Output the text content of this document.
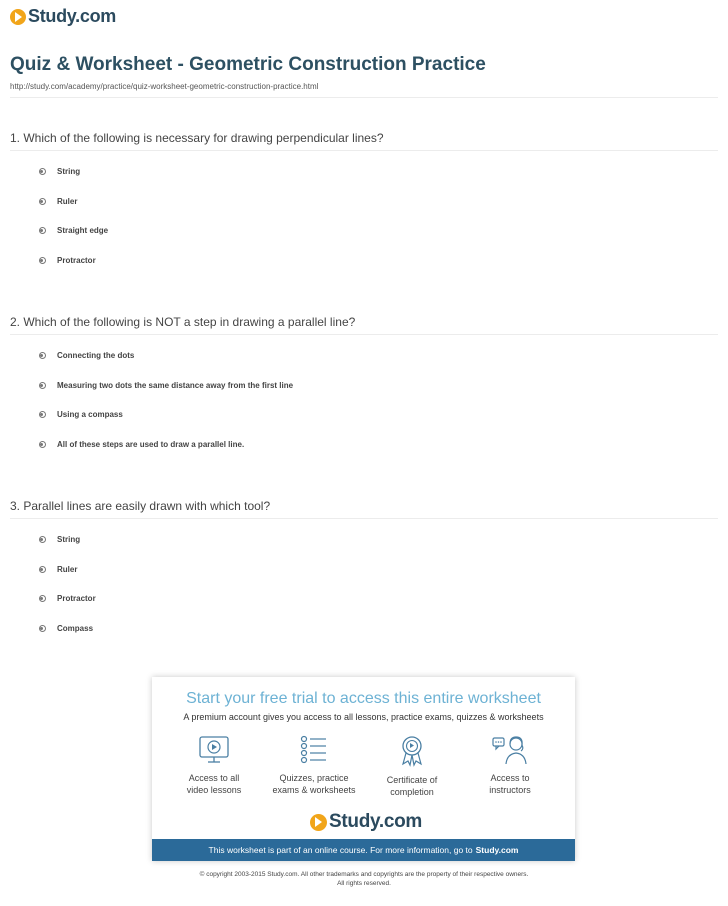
Study.com
Quiz & Worksheet - Geometric Construction Practice
http://study.com/academy/practice/quiz-worksheet-geometric-construction-practice.html
1. Which of the following is necessary for drawing perpendicular lines?
String
Ruler
Straight edge
Protractor
2. Which of the following is NOT a step in drawing a parallel line?
Connecting the dots
Measuring two dots the same distance away from the first line
Using a compass
All of these steps are used to draw a parallel line.
3. Parallel lines are easily drawn with which tool?
String
Ruler
Protractor
Compass
Start your free trial to access this entire worksheet
A premium account gives you access to all lessons, practice exams, quizzes & worksheets
Access to all
video lessons
Quizzes, practice
exams & worksheets
Certificate of
completion
Access to
instructors
Study.com
This worksheet is part of an online course. For more information, go to Study.com
© copyright 2003-2015 Study.com. All other trademarks and copyrights are the property of their respective owners.
All rights reserved.
